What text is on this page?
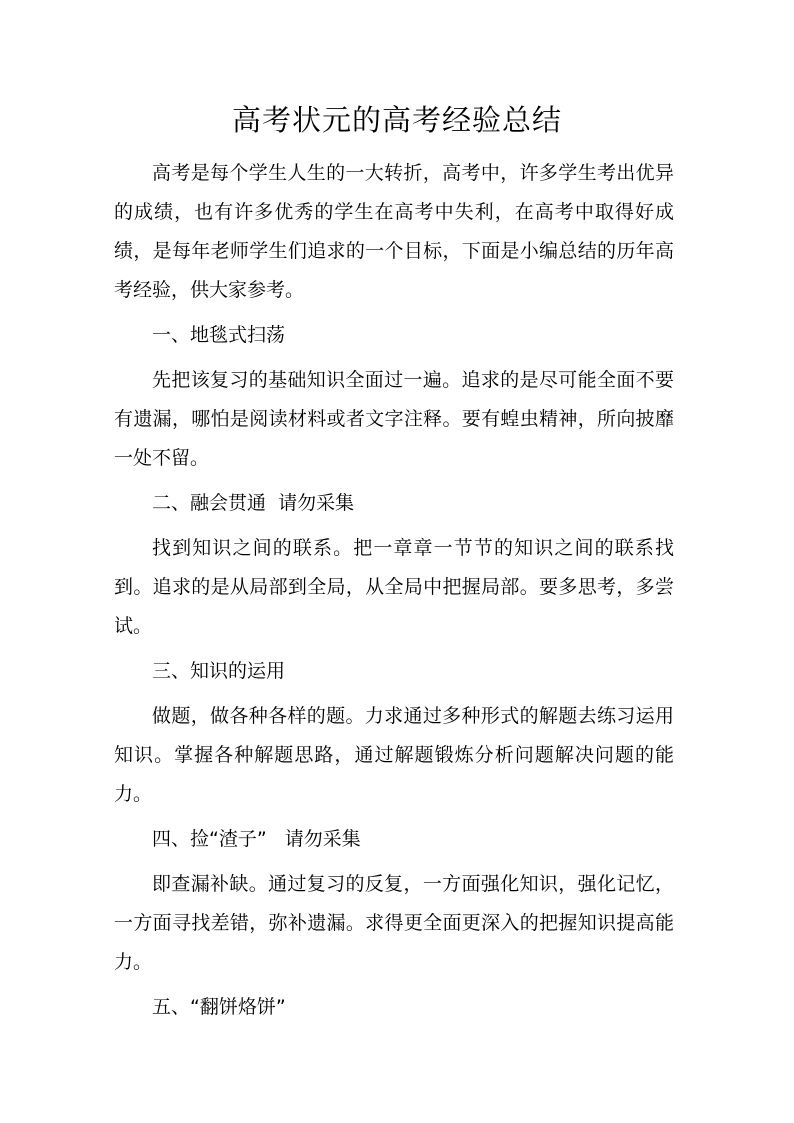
高考状元的高考经验总结

高考是每个学生人生的一大转折，高考中，许多学生考出优异的成绩，也有许多优秀的学生在高考中失利，在高考中取得好成绩，是每年老师学生们追求的一个目标，下面是小编总结的历年高考经验，供大家参考。

一、地毯式扫荡

先把该复习的基础知识全面过一遍。追求的是尽可能全面不要有遗漏，哪怕是阅读材料或者文字注释。要有蝗虫精神，所向披靡一处不留。

二、融会贯通  请勿采集

找到知识之间的联系。把一章章一节节的知识之间的联系找到。追求的是从局部到全局，从全局中把握局部。要多思考，多尝试。

三、知识的运用

做题，做各种各样的题。力求通过多种形式的解题去练习运用知识。掌握各种解题思路，通过解题锻炼分析问题解决问题的能力。

四、捡“渣子”   请勿采集

即查漏补缺。通过复习的反复，一方面强化知识，强化记忆，一方面寻找差错，弥补遗漏。求得更全面更深入的把握知识提高能力。

五、“翻饼烙饼”
